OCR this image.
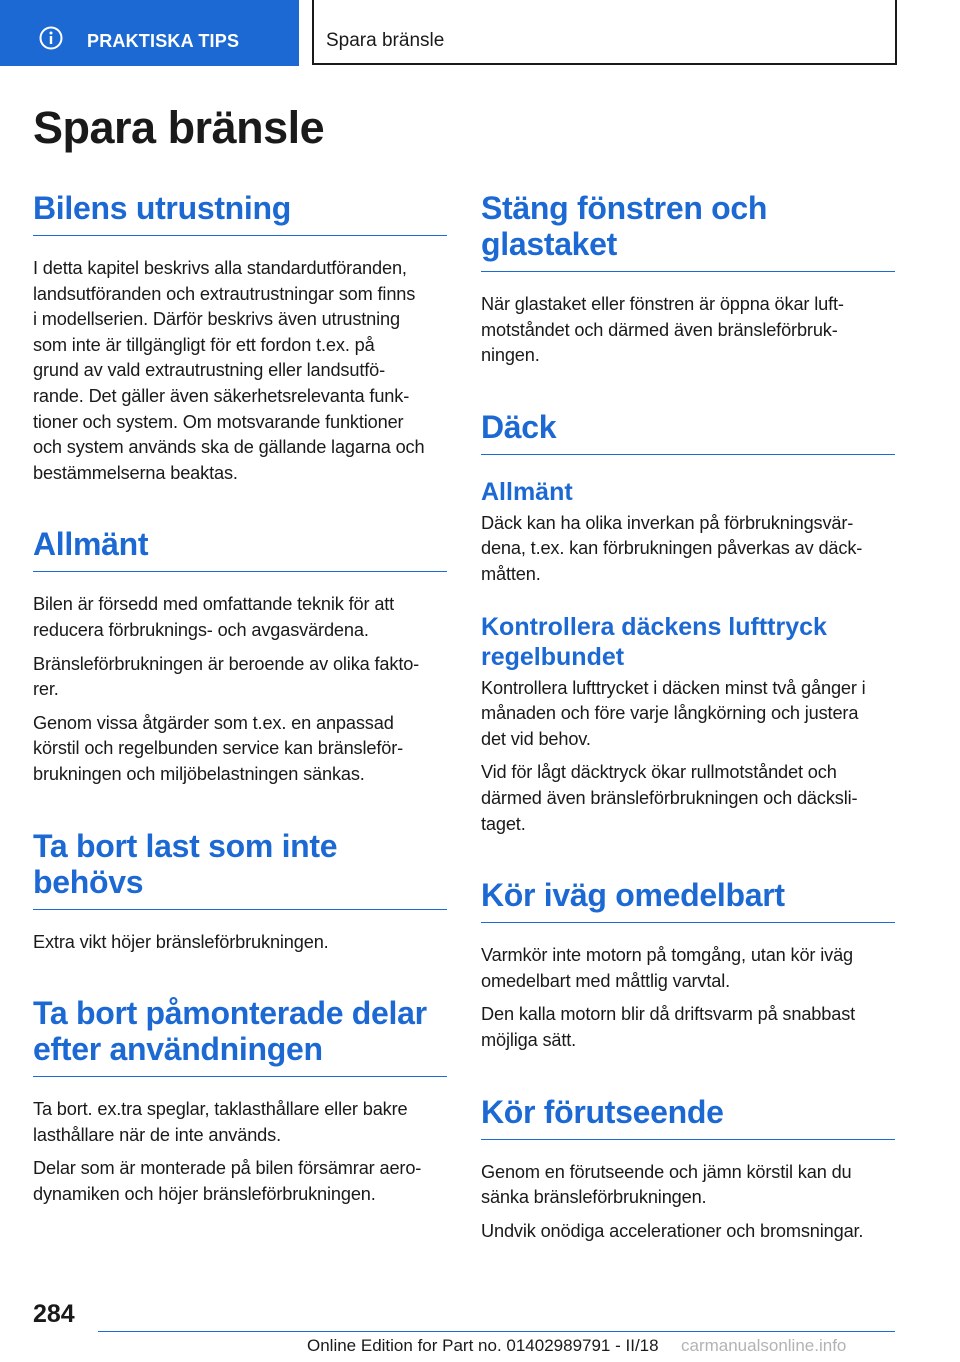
PRAKTISKA TIPS	Spara bränsle
Spara bränsle
Bilens utrustning

I detta kapitel beskrivs alla standardutföranden,
landsutföranden och extrautrustningar som finns
i modellserien. Därför beskrivs även utrustning
som inte är tillgängligt för ett fordon t.ex. på
grund av vald extrautrustning eller landsutfö-
rande. Det gäller även säkerhetsrelevanta funk-
tioner och system. Om motsvarande funktioner
och system används ska de gällande lagarna och
bestämmelserna beaktas.

Allmänt

Bilen är försedd med omfattande teknik för att
reducera förbruknings- och avgasvärdena.

Bränsleförbrukningen är beroende av olika fakto-
rer.

Genom vissa åtgärder som t.ex. en anpassad
körstil och regelbunden service kan bränsleför-
brukningen och miljöbelastningen sänkas.

Ta bort last som inte
behövs

Extra vikt höjer bränsleförbrukningen.

Ta bort påmonterade delar
efter användningen

Ta bort. ex.tra speglar, taklasthållare eller bakre
lasthållare när de inte används.

Delar som är monterade på bilen försämrar aero-
dynamiken och höjer bränsleförbrukningen.

Stäng fönstren och
glastaket

När glastaket eller fönstren är öppna ökar luft-
motståndet och därmed även bränsleförbruk-
ningen.

Däck
Allmänt

Däck kan ha olika inverkan på förbrukningsvär-
dena, t.ex. kan förbrukningen påverkas av däck-
måtten.

Kontrollera däckens lufttryck
regelbundet

Kontrollera lufttrycket i däcken minst två gånger i
månaden och före varje långkörning och justera
det vid behov.

Vid för lågt däcktryck ökar rullmotståndet och
därmed även bränsleförbrukningen och däcksli-
taget.

Kör iväg omedelbart

Varmkör inte motorn på tomgång, utan kör iväg
omedelbart med måttlig varvtal.

Den kalla motorn blir då driftsvarm på snabbast
möjliga sätt.

Kör förutseende

Genom en förutseende och jämn körstil kan du
sänka bränsleförbrukningen.

Undvik onödiga accelerationer och bromsningar.

284
Online Edition for Part no. 01402989791 - II/18 carmanualsonline.info
